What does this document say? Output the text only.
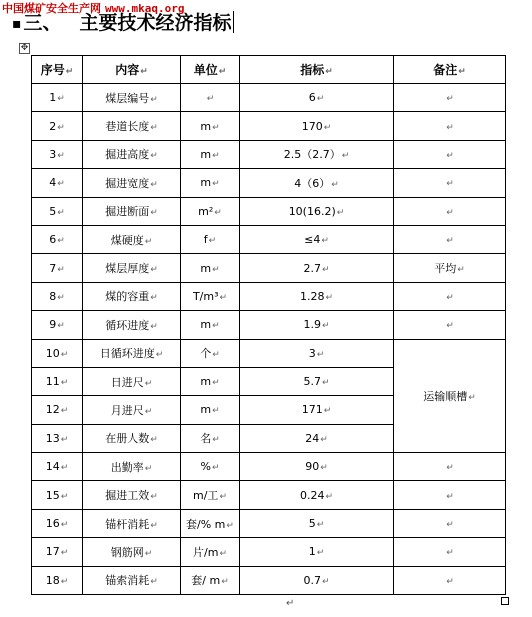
中国煤矿安全生产网 www.mkaq.org
▪ 三、 主要技术经济指标
✥
序号↵	内容↵	单位↵	指标↵	备注↵
1↵	煤层编号↵	↵	6↵	↵
2↵	巷道长度↵	m↵	170↵	↵
3↵	掘进高度↵	m↵	2.5（2.7）↵	↵
4↵	掘进宽度↵	m↵	4（6）↵	↵
5↵	掘进断面↵	m²↵	10(16.2)↵	↵
6↵	煤硬度↵	f↵	≤4↵	↵
7↵	煤层厚度↵	m↵	2.7↵	平均↵
8↵	煤的容重↵	T/m³↵	1.28↵	↵
9↵	循环进度↵	m↵	1.9↵	↵
10↵	日循环进度↵	个↵	3↵	运输顺槽↵
11↵	日进尺↵	m↵	5.7↵	
12↵	月进尺↵	m↵	171↵	
13↵	在册人数↵	名↵	24↵	
14↵	出勤率↵	%↵	90↵	↵
15↵	掘进工效↵	m/工↵	0.24↵	↵
16↵	锚杆消耗↵	套/% m↵	5↵	↵
17↵	钢筋网↵	片/m↵	1↵	↵
18↵	锚索消耗↵	套/ m↵	0.7↵	↵
↵
